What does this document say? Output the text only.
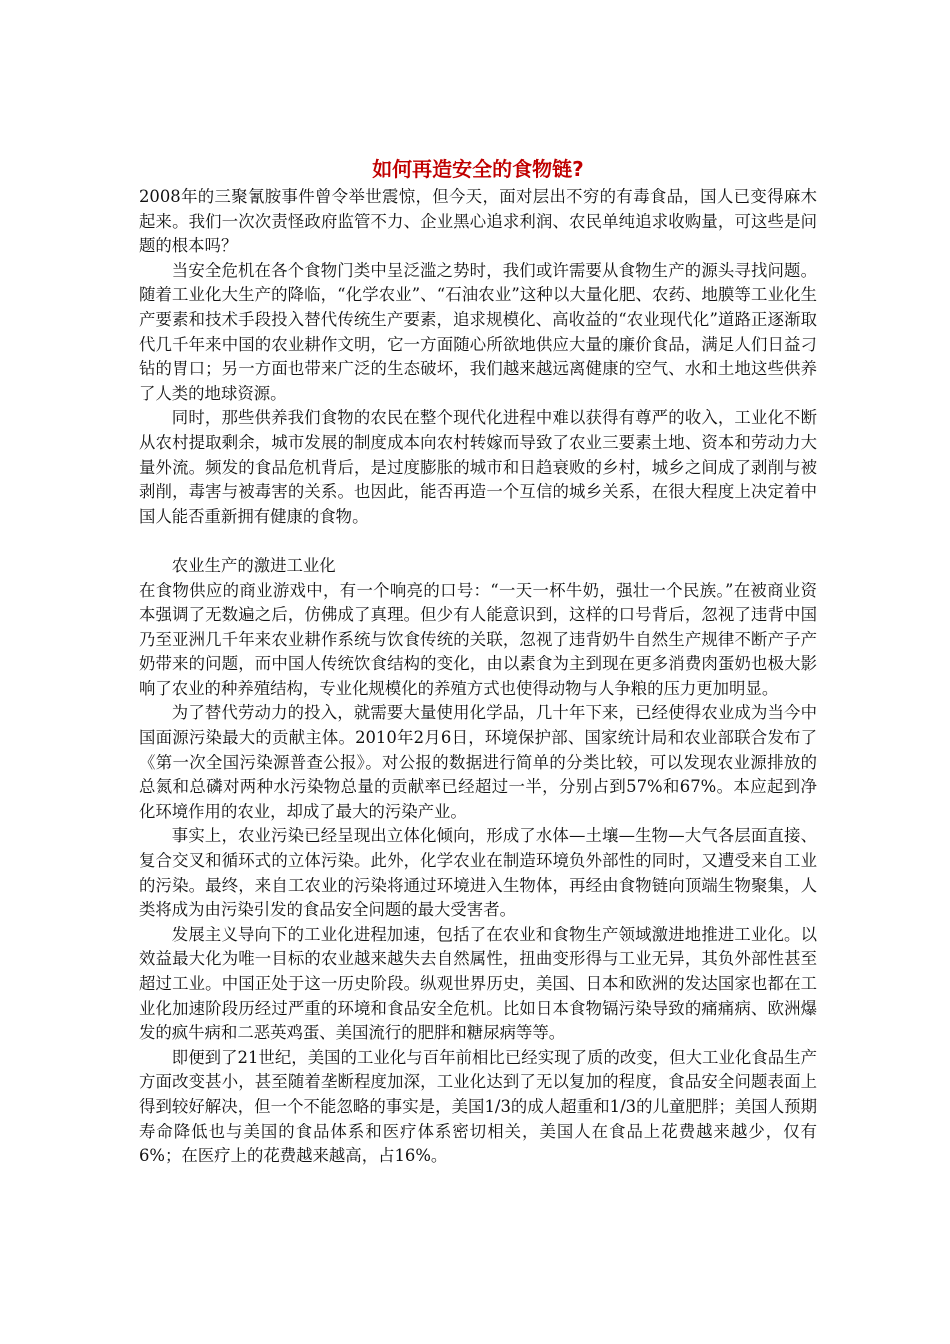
如何再造安全的食物链?

2008年的三聚氰胺事件曾令举世震惊，但今天，面对层出不穷的有毒食品，国人已变得麻木起来。我们一次次责怪政府监管不力、企业黑心追求利润、农民单纯追求收购量，可这些是问题的根本吗？

当安全危机在各个食物门类中呈泛滥之势时，我们或许需要从食物生产的源头寻找问题。随着工业化大生产的降临，“化学农业”、“石油农业”这种以大量化肥、农药、地膜等工业化生产要素和技术手段投入替代传统生产要素，追求规模化、高收益的“农业现代化”道路正逐渐取代几千年来中国的农业耕作文明，它一方面随心所欲地供应大量的廉价食品，满足人们日益刁钻的胃口；另一方面也带来广泛的生态破坏，我们越来越远离健康的空气、水和土地这些供养了人类的地球资源。

同时，那些供养我们食物的农民在整个现代化进程中难以获得有尊严的收入，工业化不断从农村提取剩余，城市发展的制度成本向农村转嫁而导致了农业三要素土地、资本和劳动力大量外流。频发的食品危机背后，是过度膨胀的城市和日趋衰败的乡村，城乡之间成了剥削与被剥削，毒害与被毒害的关系。也因此，能否再造一个互信的城乡关系，在很大程度上决定着中国人能否重新拥有健康的食物。

农业生产的激进工业化

在食物供应的商业游戏中，有一个响亮的口号：“一天一杯牛奶，强壮一个民族。”在被商业资本强调了无数遍之后，仿佛成了真理。但少有人能意识到，这样的口号背后，忽视了违背中国乃至亚洲几千年来农业耕作系统与饮食传统的关联，忽视了违背奶牛自然生产规律不断产子产奶带来的问题，而中国人传统饮食结构的变化，由以素食为主到现在更多消费肉蛋奶也极大影响了农业的种养殖结构，专业化规模化的养殖方式也使得动物与人争粮的压力更加明显。

为了替代劳动力的投入，就需要大量使用化学品，几十年下来，已经使得农业成为当今中国面源污染最大的贡献主体。2010年2月6日，环境保护部、国家统计局和农业部联合发布了《第一次全国污染源普查公报》。对公报的数据进行简单的分类比较，可以发现农业源排放的总氮和总磷对两种水污染物总量的贡献率已经超过一半，分别占到57%和67%。本应起到净化环境作用的农业，却成了最大的污染产业。

事实上，农业污染已经呈现出立体化倾向，形成了水体—土壤—生物—大气各层面直接、复合交叉和循环式的立体污染。此外，化学农业在制造环境负外部性的同时，又遭受来自工业的污染。最终，来自工农业的污染将通过环境进入生物体，再经由食物链向顶端生物聚集，人类将成为由污染引发的食品安全问题的最大受害者。

发展主义导向下的工业化进程加速，包括了在农业和食物生产领域激进地推进工业化。以效益最大化为唯一目标的农业越来越失去自然属性，扭曲变形得与工业无异，其负外部性甚至超过工业。中国正处于这一历史阶段。纵观世界历史，美国、日本和欧洲的发达国家也都在工业化加速阶段历经过严重的环境和食品安全危机。比如日本食物镉污染导致的痛痛病、欧洲爆发的疯牛病和二恶英鸡蛋、美国流行的肥胖和糖尿病等等。

即便到了21世纪，美国的工业化与百年前相比已经实现了质的改变，但大工业化食品生产方面改变甚小，甚至随着垄断程度加深，工业化达到了无以复加的程度，食品安全问题表面上得到较好解决，但一个不能忽略的事实是，美国1/3的成人超重和1/3的儿童肥胖；美国人预期寿命降低也与美国的食品体系和医疗体系密切相关，美国人在食品上花费越来越少，仅有6%；在医疗上的花费越来越高，占16%。
